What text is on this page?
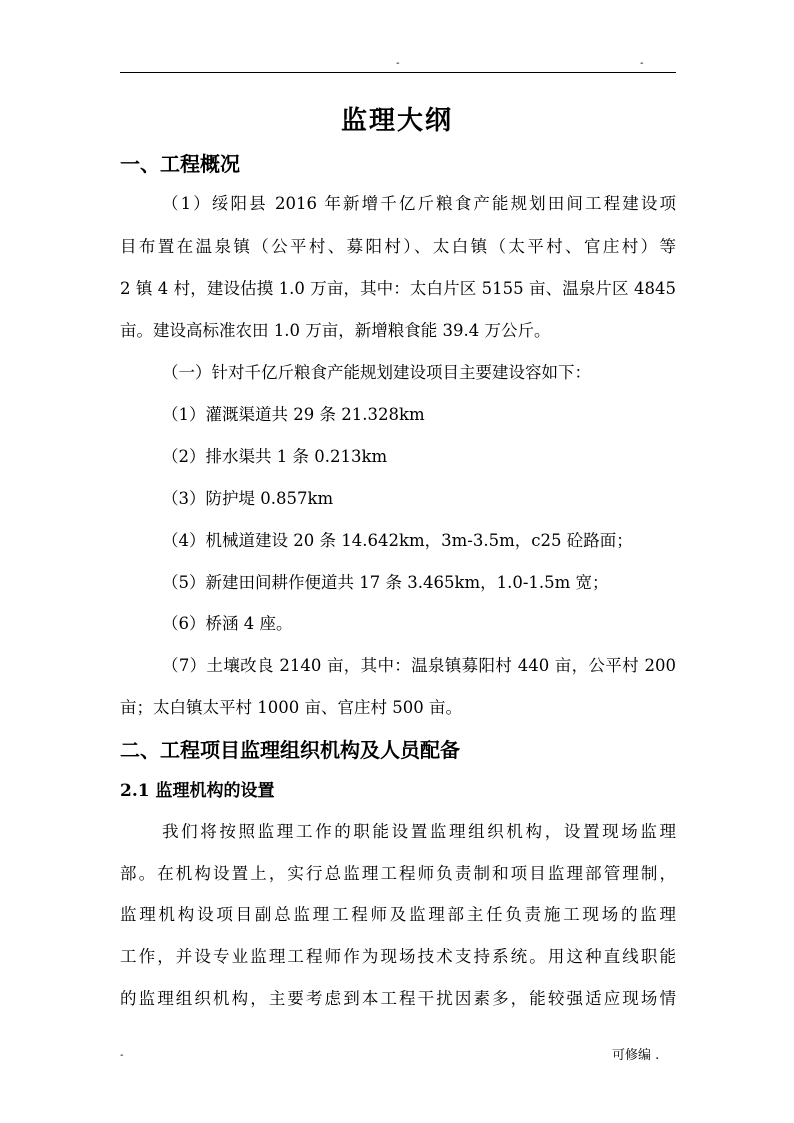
-	-
监理大纲
一、工程概况
（1）绥阳县 2016 年新增千亿斤粮食产能规划田间工程建设项
目布置在温泉镇（公平村、募阳村）、太白镇（太平村、官庄村）等
2 镇 4 村，建设估摸 1.0 万亩，其中：太白片区 5155 亩、温泉片区 4845
亩。建设高标准农田 1.0 万亩，新增粮食能 39.4 万公斤。
（一）针对千亿斤粮食产能规划建设项目主要建设容如下：
（1）灌溉渠道共 29 条 21.328km
（2）排水渠共 1 条 0.213km
（3）防护堤 0.857km
（4）机械道建设 20 条 14.642km，3m-3.5m，c25 砼路面；
（5）新建田间耕作便道共 17 条 3.465km，1.0-1.5m 宽；
（6）桥涵 4 座。
（7）土壤改良 2140 亩，其中：温泉镇募阳村 440 亩，公平村 200
亩；太白镇太平村 1000 亩、官庄村 500 亩。
二、工程项目监理组织机构及人员配备
2.1 监理机构的设置
我们将按照监理工作的职能设置监理组织机构，设置现场监理
部。在机构设置上，实行总监理工程师负责制和项目监理部管理制，
监理机构设项目副总监理工程师及监理部主任负责施工现场的监理
工作，并设专业监理工程师作为现场技术支持系统。用这种直线职能
的监理组织机构，主要考虑到本工程干扰因素多，能较强适应现场情
-	可修编 .
